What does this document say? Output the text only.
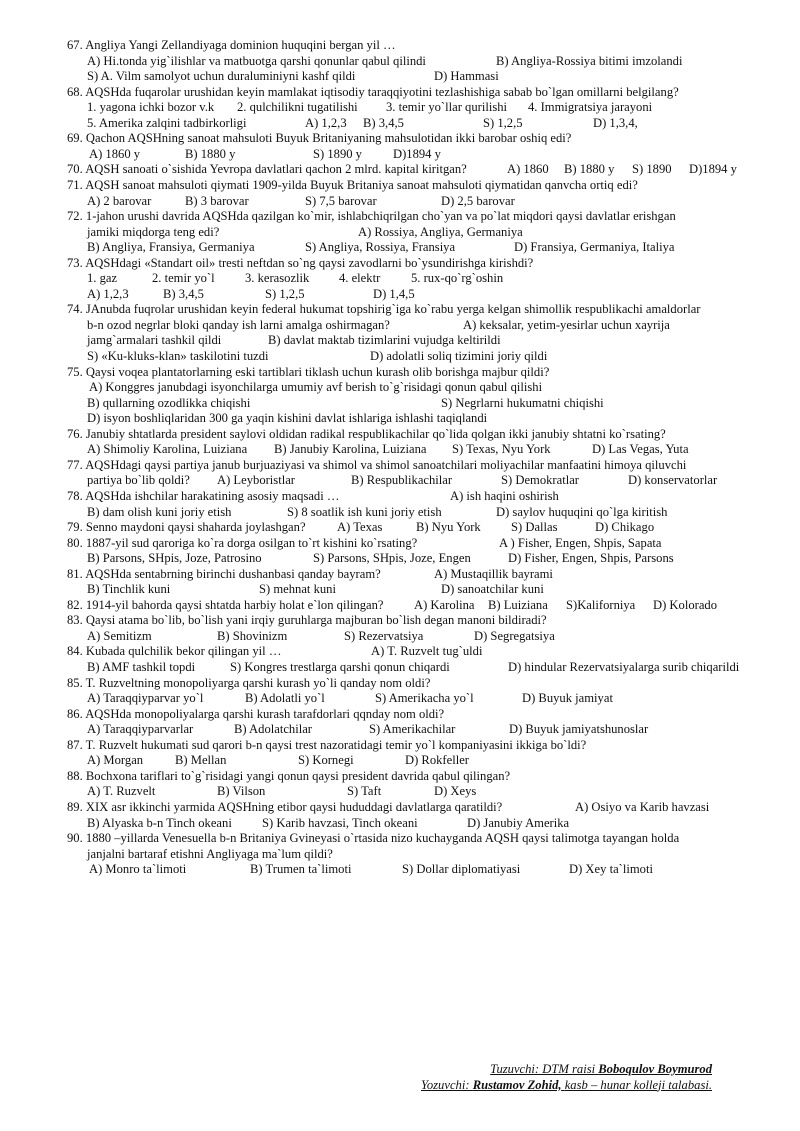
67. Angliya Yangi Zellandiyaga dominion huquqini bergan yil …
A) Hi.tonda yig`ilishlar va matbuotga qarshi qonunlar qabul qilindi	B) Angliya-Rossiya bitimi imzolandi
S) A. Vilm samolyot uchun duraluminiyni kashf qildi	D) Hammasi
68. AQSHda fuqarolar urushidan keyin mamlakat iqtisodiy taraqqiyotini tezlashishiga sabab bo`lgan omillarni belgilang?
1. yagona ichki bozor v.k 2. qulchilikni tugatilishi 3. temir yo`llar qurilishi 4. Immigratsiya jarayoni
5. Amerika zalqini tadbirkorligi	A) 1,2,3 B) 3,4,5	S) 1,2,5	D) 1,3,4,
69. Qachon AQSHning sanoat mahsuloti Buyuk Britaniyaning mahsulotidan ikki barobar oshiq edi?
A) 1860 y	B) 1880 y	S) 1890 y D)1894 y
70. AQSH sanoati o`sishida Yevropa davlatlari qachon 2 mlrd. kapital kiritgan?	A) 1860 B) 1880 y S) 1890 D)1894 y
71. AQSH sanoat mahsuloti qiymati 1909-yilda Buyuk Britaniya sanoat mahsuloti qiymatidan qanvcha ortiq edi?
A) 2 barovar	B) 3 barovar	S) 7,5 barovar	D) 2,5 barovar
72. 1-jahon urushi davrida AQSHda qazilgan ko`mir, ishlabchiqrilgan cho`yan va po`lat miqdori qaysi davlatlar erishgan
jamiki miqdorga teng edi?	A) Rossiya, Angliya, Germaniya
B) Angliya, Fransiya, Germaniya	S) Angliya, Rossiya, Fransiya	D) Fransiya, Germaniya, Italiya
73. AQSHdagi «Standart oil» tresti neftdan so`ng qaysi zavodlarni bo`ysundirishga kirishdi?
1. gaz	2. temir yo`l 3. kerasozlik 4. elektr 5. rux-qo`rg`oshin
A) 1,2,3	B) 3,4,5	S) 1,2,5	D) 1,4,5
74. JAnubda fuqrolar urushidan keyin federal hukumat topshirig`iga ko`rabu yerga kelgan shimollik respublikachi amaldorlar
b-n ozod negrlar bloki qanday ish larni amalga oshirmagan?	A) keksalar, yetim-yesirlar uchun xayrija
jamg`armalari tashkil qildi	B) davlat maktab tizimlarini vujudga keltirildi
S) «Ku-kluks-klan» taskilotini tuzdi	D) adolatli soliq tizimini joriy qildi
75. Qaysi voqea plantatorlarning eski tartiblari tiklash uchun kurash olib borishga majbur qildi?
A) Konggres janubdagi isyonchilarga umumiy avf berish to`g`risidagi qonun qabul qilishi
B) qullarning ozodlikka chiqishi	S) Negrlarni hukumatni chiqishi
D) isyon boshliqlaridan 300 ga yaqin kishini davlat ishlariga ishlashi taqiqlandi
76. Janubiy shtatlarda president saylovi oldidan radikal respublikachilar qo`lida qolgan ikki janubiy shtatni ko`rsating?
A) Shimoliy Karolina, Luiziana B) Janubiy Karolina, Luiziana S) Texas, Nyu York	D) Las Vegas, Yuta
77. AQSHdagi qaysi partiya janub burjuaziyasi va shimol va shimol sanoatchilari moliyachilar manfaatini himoya qiluvchi
partiya bo`lib qoldi? A) Leyboristlar	B) Respublikachilar	S) Demokratlar	D) konservatorlar
78. AQSHda ishchilar harakatining asosiy maqsadi …	A) ish haqini oshirish
B) dam olish kuni joriy etish	S) 8 soatlik ish kuni joriy etish	D) saylov huquqini qo`lga kiritish
79. Senno maydoni qaysi shaharda joylashgan? A) Texas	B) Nyu York S) Dallas	D) Chikago
80. 1887-yil sud qaroriga ko`ra dorga osilgan to`rt kishini ko`rsating?	A ) Fisher, Engen, Shpis, Sapata
B) Parsons, SHpis, Joze, Patrosino	S) Parsons, SHpis, Joze, Engen	D) Fisher, Engen, Shpis, Parsons
81. AQSHda sentabrning birinchi dushanbasi qanday bayram?	A) Mustaqillik bayrami
B) Tinchlik kuni	S) mehnat kuni	D) sanoatchilar kuni
82. 1914-yil bahorda qaysi shtatda harbiy holat e`lon qilingan? A) Karolina B) Luiziana S)Kaliforniya D) Kolorado
83. Qaysi atama bo`lib, bo`lish yani irqiy guruhlarga majburan bo`lish degan manoni bildiradi?
A) Semitizm	B) Shovinizm	S) Rezervatsiya	D) Segregatsiya
84. Kubada qulchilik bekor qilingan yil …	A) T. Ruzvelt tug`uldi
B) AMF tashkil topdi	S) Kongres trestlarga qarshi qonun chiqardi	D) hindular Rezervatsiyalarga surib chiqarildi
85. T. Ruzveltning monopoliyarga qarshi kurash yo`li qanday nom oldi?
A) Taraqqiyparvar yo`l	B) Adolatli yo`l	S) Amerikacha yo`l	D) Buyuk jamiyat
86. AQSHda monopoliyalarga qarshi kurash tarafdorlari qqnday nom oldi?
A) Taraqqiyparvarlar	B) Adolatchilar	S) Amerikachilar	D) Buyuk jamiyatshunoslar
87. T. Ruzvelt hukumati sud qarori b-n qaysi trest nazoratidagi temir yo`l kompaniyasini ikkiga bo`ldi?
A) Morgan	B) Mellan	S) Kornegi	D) Rokfeller
88. Bochxona tariflari to`g`risidagi yangi qonun qaysi president davrida qabul qilingan?
A) T. Ruzvelt	B) Vilson	S) Taft	D) Xeys
89. XIX asr ikkinchi yarmida AQSHning etibor qaysi hududdagi davlatlarga qaratildi?	A) Osiyo va Karib havzasi
B) Alyaska b-n Tinch okeani S) Karib havzasi, Tinch okeani	D) Janubiy Amerika
90. 1880 –yillarda Venesuella b-n Britaniya Gvineyasi o`rtasida nizo kuchayganda AQSH qaysi talimotga tayangan holda
janjalni bartaraf etishni Angliyaga ma`lum qildi?
A) Monro ta`limoti	B) Trumen ta`limoti	S) Dollar diplomatiyasi	D) Xey ta`limoti
Tuzuvchi: DTM raisi Boboqulov Boymurod
Yozuvchi: Rustamov Zohid, kasb – hunar kolleji talabasi.
